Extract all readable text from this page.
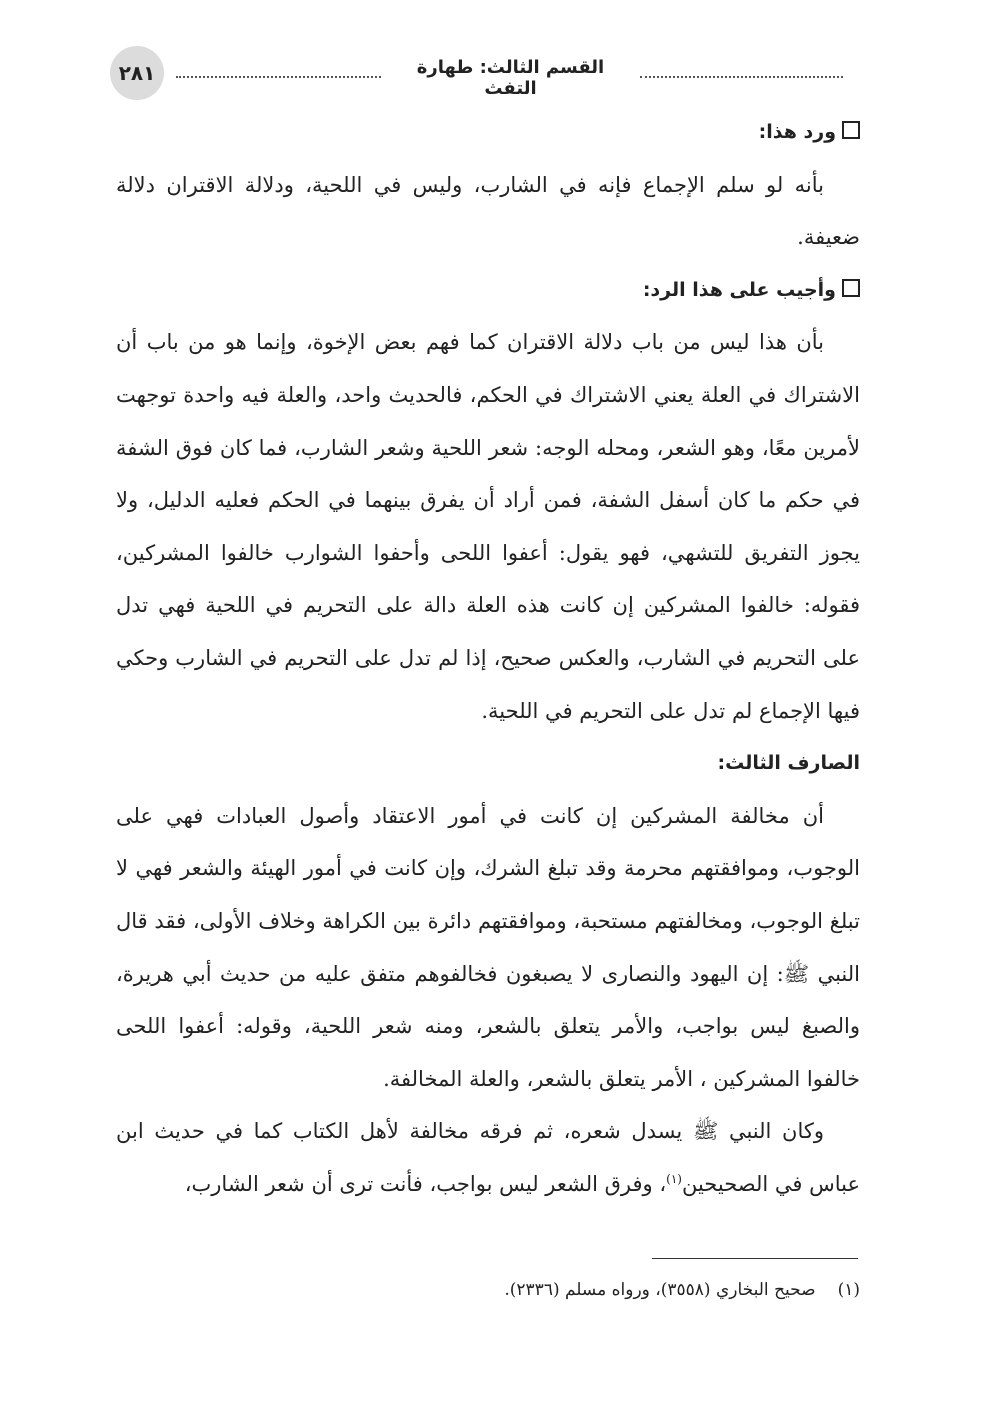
٢٨١	القسم الثالث: طهارة التفث

ورد هذا:

بأنه لو سلم الإجماع فإنه في الشارب، وليس في اللحية، ودلالة الاقتران دلالة ضعيفة.

وأجيب على هذا الرد:

بأن هذا ليس من باب دلالة الاقتران كما فهم بعض الإخوة، وإنما هو من باب أن الاشتراك في العلة يعني الاشتراك في الحكم، فالحديث واحد، والعلة فيه واحدة توجهت لأمرين معًا، وهو الشعر، ومحله الوجه: شعر اللحية وشعر الشارب، فما كان فوق الشفة في حكم ما كان أسفل الشفة، فمن أراد أن يفرق بينهما في الحكم فعليه الدليل، ولا يجوز التفريق للتشهي، فهو يقول: أعفوا اللحى وأحفوا الشوارب خالفوا المشركين، فقوله: خالفوا المشركين إن كانت هذه العلة دالة على التحريم في اللحية فهي تدل على التحريم في الشارب، والعكس صحيح، إذا لم تدل على التحريم في الشارب وحكي فيها الإجماع لم تدل على التحريم في اللحية.

الصارف الثالث:

أن مخالفة المشركين إن كانت في أمور الاعتقاد وأصول العبادات فهي على الوجوب، وموافقتهم محرمة وقد تبلغ الشرك، وإن كانت في أمور الهيئة والشعر فهي لا تبلغ الوجوب، ومخالفتهم مستحبة، وموافقتهم دائرة بين الكراهة وخلاف الأولى، فقد قال النبي ﷺ: إن اليهود والنصارى لا يصبغون فخالفوهم متفق عليه من حديث أبي هريرة، والصبغ ليس بواجب، والأمر يتعلق بالشعر، ومنه شعر اللحية، وقوله: أعفوا اللحى خالفوا المشركين ، الأمر يتعلق بالشعر، والعلة المخالفة.

وكان النبي ﷺ يسدل شعره، ثم فرقه مخالفة لأهل الكتاب كما في حديث ابن عباس في الصحيحين$^{(١)}$، وفرق الشعر ليس بواجب، فأنت ترى أن شعر الشارب،

(١)صحيح البخاري (٣٥٥٨)، ورواه مسلم (٢٣٣٦).
